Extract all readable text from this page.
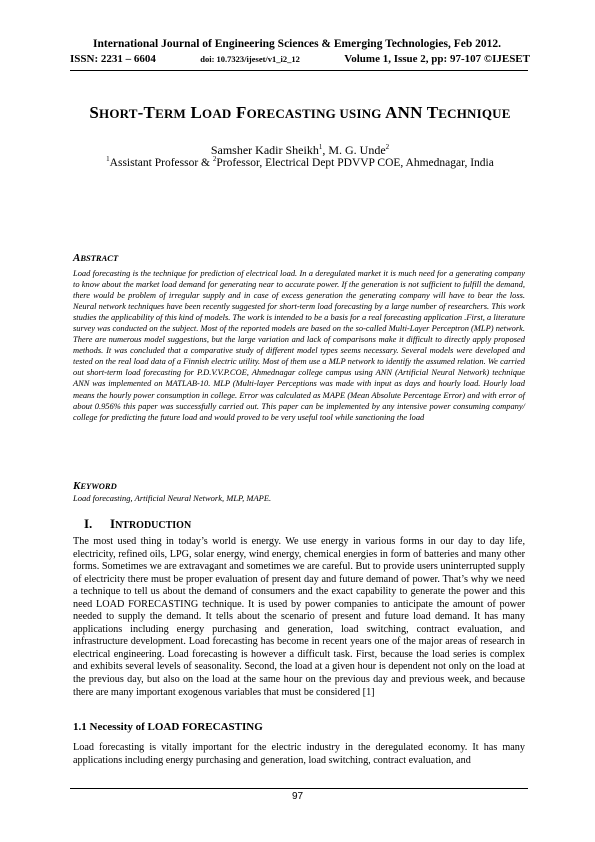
International Journal of Engineering Sciences & Emerging Technologies, Feb 2012.
ISSN: 2231 – 6604	doi: 10.7323/ijeset/v1_i2_12	Volume 1, Issue 2, pp: 97-107 ©IJESET
SHORT-TERM LOAD FORECASTING USING ANN TECHNIQUE
Samsher Kadir Sheikh$^1$, M. G. Unde$^2$
$^1$Assistant Professor & $^2$Professor, Electrical Dept PDVVP COE, Ahmednagar, India
ABSTRACT
Load forecasting is the technique for prediction of electrical load. In a deregulated market it is much need for a generating company to know about the market load demand for generating near to accurate power. If the generation is not sufficient to fulfill the demand, there would be problem of irregular supply and in case of excess generation the generating company will have to bear the loss. Neural network techniques have been recently suggested for short-term load forecasting by a large number of researchers. This work studies the applicability of this kind of models. The work is intended to be a basis for a real forecasting application .First, a literature survey was conducted on the subject. Most of the reported models are based on the so-called Multi-Layer Perceptron (MLP) network. There are numerous model suggestions, but the large variation and lack of comparisons make it difficult to directly apply proposed methods. It was concluded that a comparative study of different model types seems necessary. Several models were developed and tested on the real load data of a Finnish electric utility. Most of them use a MLP network to identify the assumed relation. We carried out short-term load forecasting for P.D.V.V.P.COE, Ahmednagar college campus using ANN (Artificial Neural Network) technique ANN was implemented on MATLAB-10. MLP (Multi-layer Perceptions was made with input as days and hourly load. Hourly load means the hourly power consumption in college. Error was calculated as MAPE (Mean Absolute Percentage Error) and with error of about 0.956% this paper was successfully carried out. This paper can be implemented by any intensive power consuming company/ college for predicting the future load and would proved to be very useful tool while sanctioning the load
KEYWORD
Load forecasting, Artificial Neural Network, MLP, MAPE.
I. INTRODUCTION
The most used thing in today’s world is energy. We use energy in various forms in our day to day life, electricity, refined oils, LPG, solar energy, wind energy, chemical energies in form of batteries and many other forms. Sometimes we are extravagant and sometimes we are careful. But to provide users uninterrupted supply of electricity there must be proper evaluation of present day and future demand of power. That’s why we need a technique to tell us about the demand of consumers and the exact capability to generate the power and this need LOAD FORECASTING technique. It is used by power companies to anticipate the amount of power needed to supply the demand. It tells about the scenario of present and future load demand. It has many applications including energy purchasing and generation, load switching, contract evaluation, and infrastructure development. Load forecasting has become in recent years one of the major areas of research in electrical engineering. Load forecasting is however a difficult task. First, because the load series is complex and exhibits several levels of seasonality. Second, the load at a given hour is dependent not only on the load at the previous day, but also on the load at the same hour on the previous day and previous week, and because there are many important exogenous variables that must be considered [1]
1.1 Necessity of LOAD FORECASTING
Load forecasting is vitally important for the electric industry in the deregulated economy. It has many applications including energy purchasing and generation, load switching, contract evaluation, and
97
